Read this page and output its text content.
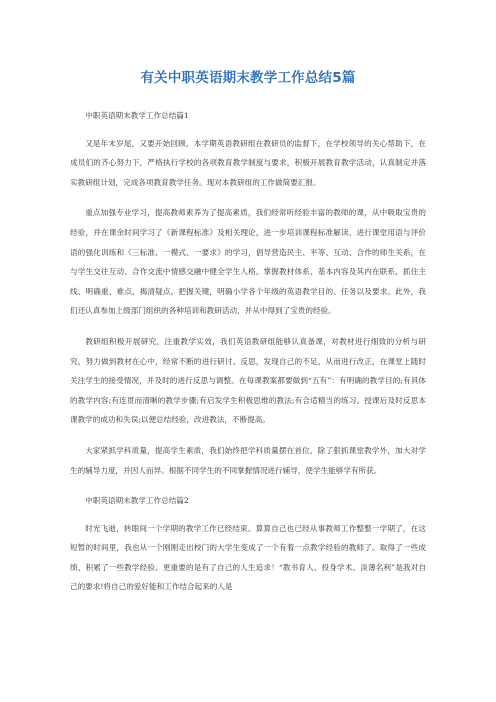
有关中职英语期末教学工作总结5篇

中职英语期末教学工作总结篇1

又是年末岁尾，又要开始回顾。本学期英语教研组在教研员的监督下，在学校领导的关心帮助下，在成员们的齐心努力下，严格执行学校的各项教育教学制度与要求，积极开展教育教学活动，认真制定并落实教研组计划，完成各项教育教学任务。现对本教研组的工作做简要汇报。

重点加强专业学习，提高教师素养为了提高素质，我们经常听经验丰富的教师的课，从中吸取宝贵的经验，并在课余时间学习了《新课程标准》及相关理论，进一步培训课程标准解读、进行课堂用语与评价语的强化训练和《三标准、一模式、一要求》的学习，倡导营造民主、平等、互动、合作的师生关系，在与学生交往互动、合作交流中情感交融中健全学生人格。掌握教材体系、基本内容及其内在联系，抓住主线、明确重、难点，揭清疑点，把握关键，明确小学各个年级的英语教学目的、任务以及要求。此外，我们还认真参加上级部门组织的各种培训和教研活动，并从中得到了宝贵的经验。

教研组积极开展研究，注重教学实效，我们英语教研组能够认真备课，对教材进行细致的分析与研究，努力做到教材在心中，经常不断的进行研讨、反思，发现自己的不足，从而进行改正，在课堂上随时关注学生的接受情况，并及时的进行反思与调整。在每课教案都要做到“五有”：有明确的教学目的;有具体的教学内容;有连贯而清晰的教学步骤;有启发学生积极思维的教法;有合适精当的练习。授课后及时反思本课教学的成功和失误;以便总结经验，改进教法，不断提高。

大家紧抓学科质量，提高学生素质，我们始终把学科质量摆在首位，除了狠抓课堂教学外，加大对学生的辅导力度，并因人而异。根据不同学生的不同掌握情况进行辅导，使学生能够学有所获。

中职英语期末教学工作总结篇2

时光飞逝，转眼间一个学期的教学工作已经结束。算算自己也已经从事教师工作整整一学期了，在这短暂的时间里，我也从一个刚刚走出校门的大学生变成了一个有着一点教学经验的教师了。取得了一些成绩、积累了一些教学经验、更重要的是有了自己的人生追求！“教书育人、投身学术、淡薄名利”是我对自己的要求!将自己的爱好能和工作结合起来的人是
